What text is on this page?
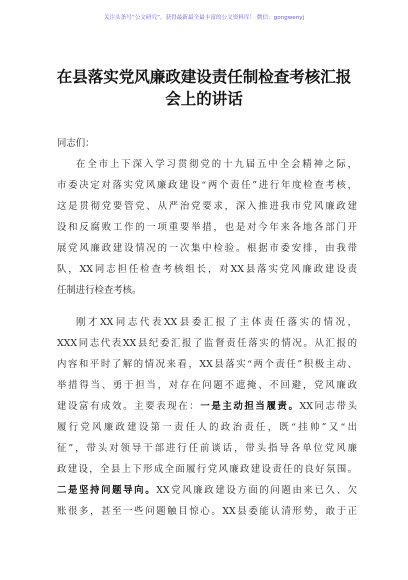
关注头条号“公文研究”，获得最新最全最丰富的公文资料库！ 微信：gongwenyj
在县落实党风廉政建设责任制检查考核汇报
会上的讲话
同志们：
在全市上下深入学习贯彻党的十九届五中全会精神之际，
市委决定对落实党风廉政建设“两个责任”进行年度检查考核，
这是贯彻党要管党、从严治党要求，深入推进我市党风廉政建
设和反腐败工作的一项重要举措，也是对今年来各地各部门开
展党风廉政建设情况的一次集中检验。根据市委安排，由我带
队，XX同志担任检查考核组长，对XX县落实党风廉政建设责
任制进行检查考核。
刚才XX同志代表XX县委汇报了主体责任落实的情况，
XXX同志代表XX县纪委汇报了监督责任落实的情况。从汇报的
内容和平时了解的情况来看，XX县落实“两个责任”积极主动、
举措得当、勇于担当，对存在问题不遮掩、不回避，党风廉政
建设富有成效。主要表现在：一是主动担当履责。XX同志带头
履行党风廉政建设第一责任人的政治责任，既“挂帅”又“出
征”，带头对领导干部进行任前谈话，带头指导各单位党风廉
政建设，全县上下形成全面履行党风廉政建设责任的良好氛围。
二是坚持问题导向。XX党风廉政建设方面的问题由来已久、欠
账很多，甚至一些问题触目惊心。XX县委能认清形势，敢于正
